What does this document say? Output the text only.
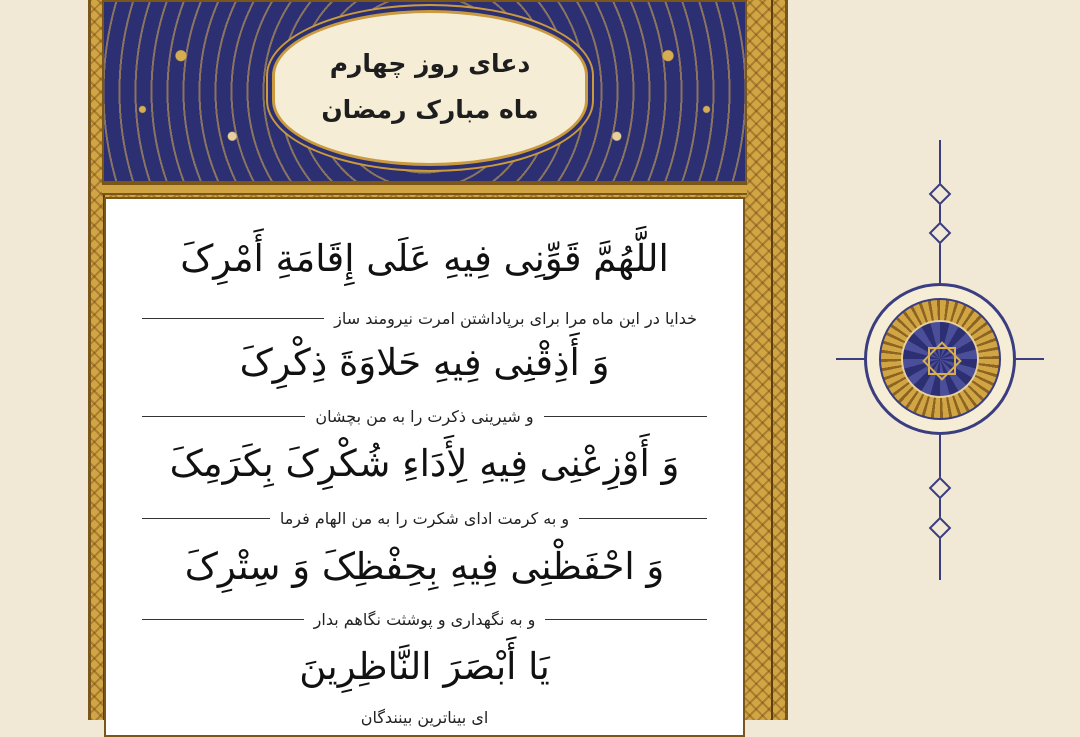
دعای روز چهارم
ماه مبارک رمضان
اللَّهُمَّ قَوِّنِی فِیهِ عَلَی إِقَامَةِ أَمْرِکَ
خدایا در این ماه مرا برای برپاداشتن امرت نیرومند ساز
وَ أَذِقْنِی فِیهِ حَلاوَةَ ذِکْرِکَ
و شیرینی ذکرت را به من بچشان
وَ أَوْزِعْنِی فِیهِ لِأَدَاءِ شُکْرِکَ بِکَرَمِکَ
و به کرمت ادای شکرت را به من الهام فرما
وَ احْفَظْنِی فِیهِ بِحِفْظِکَ وَ سِتْرِکَ
و به نگهداری و پوشثت نگاهم بدار
یَا أَبْصَرَ النَّاظِرِینَ
ای بیناترین بینندگان
